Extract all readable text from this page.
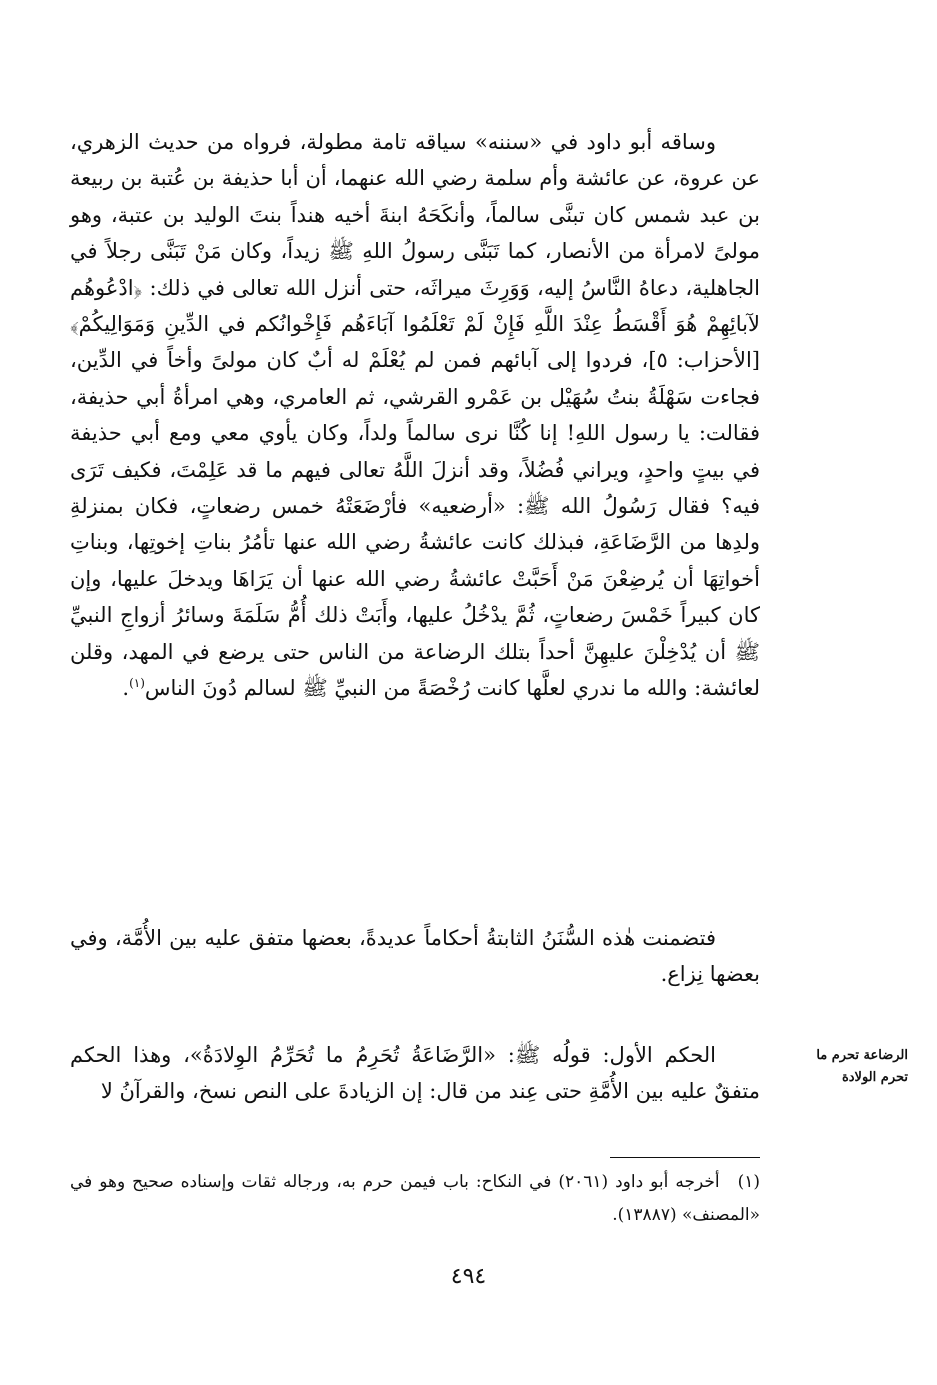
وساقه أبو داود في «سننه» سياقه تامة مطولة، فرواه من حديث الزهري، عن عروة، عن عائشة وأم سلمة رضي الله عنهما، أن أبا حذيفة بن عُتبة بن ربيعة بن عبد شمس كان تبنَّى سالماً، وأنكَحَهُ ابنةَ أخيه هنداً بنتَ الوليد بن عتبة، وهو مولىً لامرأة من الأنصار، كما تَبَنَّى رسولُ اللهِ ﷺ زيداً، وكان مَنْ تَبَنَّى رجلاً في الجاهلية، دعاهُ النَّاسُ إليه، وَوَرِثَ ميراثَه، حتى أنزل الله تعالى في ذلك: ﴿ادْعُوهُم لآبائِهِمْ هُوَ أَقْسَطُ عِنْدَ اللَّهِ فَإِنْ لَمْ تَعْلَمُوا آبَاءَهُم فَإِخْوانُكم في الدِّينِ وَمَوَالِيكُمْ﴾ [الأحزاب: ٥]، فردوا إلى آبائهم فمن لم يُعْلَمْ له أبٌ كان مولىً وأخاً في الدِّين، فجاءت سَهْلَةُ بنتُ سُهَيْل بن عَمْرو القرشي، ثم العامري، وهي امرأةُ أبي حذيفة، فقالت: يا رسول اللهِ! إنا كُنَّا نرى سالماً ولداً، وكان يأوي معي ومع أبي حذيفة في بيتٍ واحدٍ، ويراني فُضُلاً، وقد أنزلَ اللَّهُ تعالى فيهم ما قد عَلِمْتَ، فكيف تَرَى فيه؟ فقال رَسُولُ الله ﷺ: «أرضعيه» فأرْضَعَتْهُ خمس رضعاتٍ، فكان بمنزلةِ ولدِها من الرَّضَاعَةِ، فبذلك كانت عائشةُ رضي الله عنها تأمُرُ بناتِ إخوتِها، وبناتِ أخواتِهَا أن يُرضِعْنَ مَنْ أَحَبَّتْ عائشةُ رضي الله عنها أن يَرَاهَا ويدخلَ عليها، وإن كان كبيراً خَمْسَ رضعاتٍ، ثُمَّ يدْخُلُ عليها، وأَبَتْ ذلك أُمُّ سَلَمَةَ وسائرُ أزواجِ النبيِّ ﷺ أن يُدْخِلْنَ عليهِنَّ أحداً بتلك الرضاعة من الناس حتى يرضع في المهد، وقلن لعائشة: والله ما ندري لعلَّها كانت رُخْصَةً من النبيِّ ﷺ لسالم دُونَ الناس$^{(١)}$.

فتضمنت هٰذه السُّنَنُ الثابتةُ أحكاماً عديدةً، بعضها متفق عليه بين الأُمَّة، وفي بعضها نِزاع.

الحكم الأول: قولُه ﷺ: «الرَّضَاعَةُ تُحَرِمُ ما تُحَرِّمُ الوِلادَةُ»، وهذا الحكم متفقٌ عليه بين الأُمَّةِ حتى عِند من قال: إن الزيادةَ على النص نسخ، والقرآنُ لا

الرضاعة تحرم ما تحرم الولادة

(١)أخرجه أبو داود (٢٠٦١) في النكاح: باب فيمن حرم به، ورجاله ثقات وإسناده صحيح وهو في «المصنف» (١٣٨٨٧).

٤٩٤
